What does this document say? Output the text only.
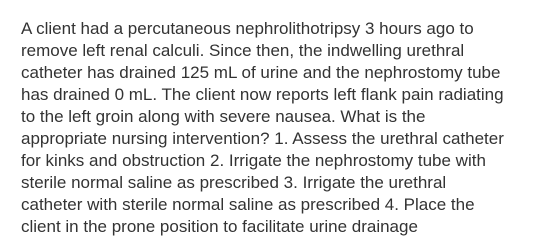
A client had a percutaneous nephrolithotripsy 3 hours ago to

remove left renal calculi. Since then, the indwelling urethral

catheter has drained 125 mL of urine and the nephrostomy tube

has drained 0 mL. The client now reports left flank pain radiating

to the left groin along with severe nausea. What is the

appropriate nursing intervention? 1. Assess the urethral catheter

for kinks and obstruction 2. Irrigate the nephrostomy tube with

sterile normal saline as prescribed 3. Irrigate the urethral

catheter with sterile normal saline as prescribed 4. Place the

client in the prone position to facilitate urine drainage
